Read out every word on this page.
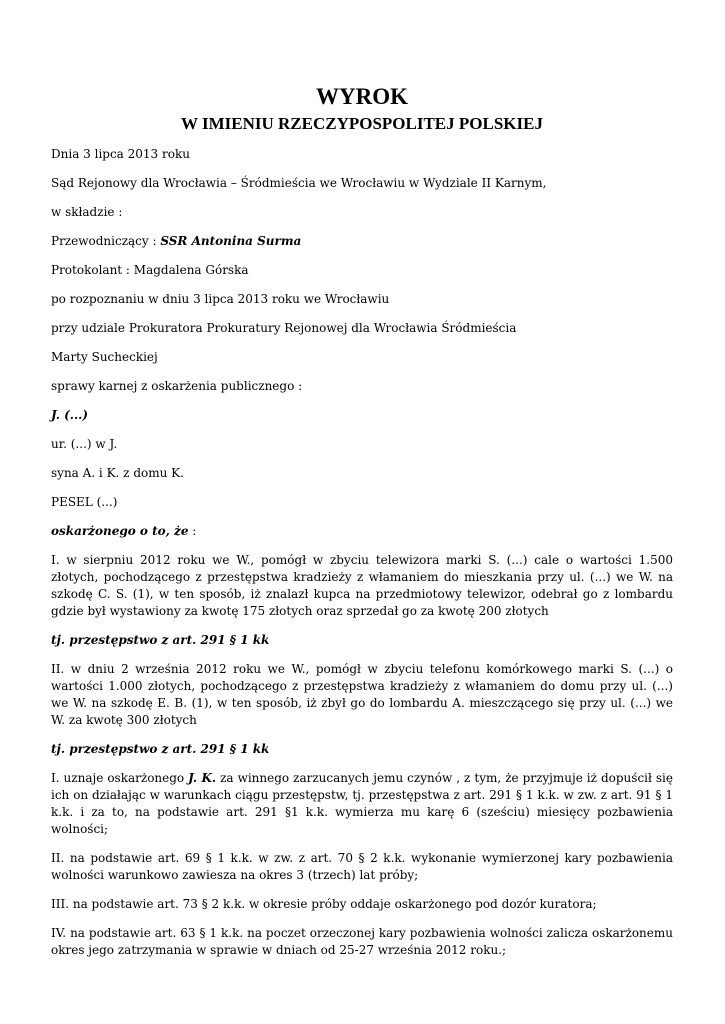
WYROK
W IMIENIU RZECZYPOSPOLITEJ POLSKIEJ

Dnia 3 lipca 2013 roku

Sąd Rejonowy dla Wrocławia – Śródmieścia we Wrocławiu w Wydziale II Karnym,

w składzie :

Przewodniczący : SSR Antonina Surma

Protokolant : Magdalena Górska

po rozpoznaniu w dniu 3 lipca 2013 roku we Wrocławiu

przy udziale Prokuratora Prokuratury Rejonowej dla Wrocławia Śródmieścia

Marty Sucheckiej

sprawy karnej z oskarżenia publicznego :

J. (...)

ur. (...) w J.

syna A. i K. z domu K.

PESEL (...)

oskarżonego o to, że :

I. w sierpniu 2012 roku we W., pomógł w zbyciu telewizora marki S. (...) cale o wartości 1.500 złotych, pochodzącego z przestępstwa kradzieży z włamaniem do mieszkania przy ul. (...) we W. na szkodę C. S. (1), w ten sposób, iż znalazł kupca na przedmiotowy telewizor, odebrał go z lombardu gdzie był wystawiony za kwotę 175 złotych oraz sprzedał go za kwotę 200 złotych

tj. przestępstwo z art. 291 § 1 kk

II. w dniu 2 września 2012 roku we W., pomógł w zbyciu telefonu komórkowego marki S. (...) o wartości 1.000 złotych, pochodzącego z przestępstwa kradzieży z włamaniem do domu przy ul. (...) we W. na szkodę E. B. (1), w ten sposób, iż zbył go do lombardu A. mieszczącego się przy ul. (...) we W. za kwotę 300 złotych

tj. przestępstwo z art. 291 § 1 kk

I. uznaje oskarżonego J. K. za winnego zarzucanych jemu czynów , z tym, że przyjmuje iż dopuścił się ich on działając w warunkach ciągu przestępstw, tj. przestępstwa z art. 291 § 1 k.k. w zw. z art. 91 § 1 k.k. i za to, na podstawie art. 291 §1 k.k. wymierza mu karę 6 (sześciu) miesięcy pozbawienia wolności;

II. na podstawie art. 69 § 1 k.k. w zw. z art. 70 § 2 k.k. wykonanie wymierzonej kary pozbawienia wolności warunkowo zawiesza na okres 3 (trzech) lat próby;

III. na podstawie art. 73 § 2 k.k. w okresie próby oddaje oskarżonego pod dozór kuratora;

IV. na podstawie art. 63 § 1 k.k. na poczet orzeczonej kary pozbawienia wolności zalicza oskarżonemu okres jego zatrzymania w sprawie w dniach od 25-27 września 2012 roku.;
